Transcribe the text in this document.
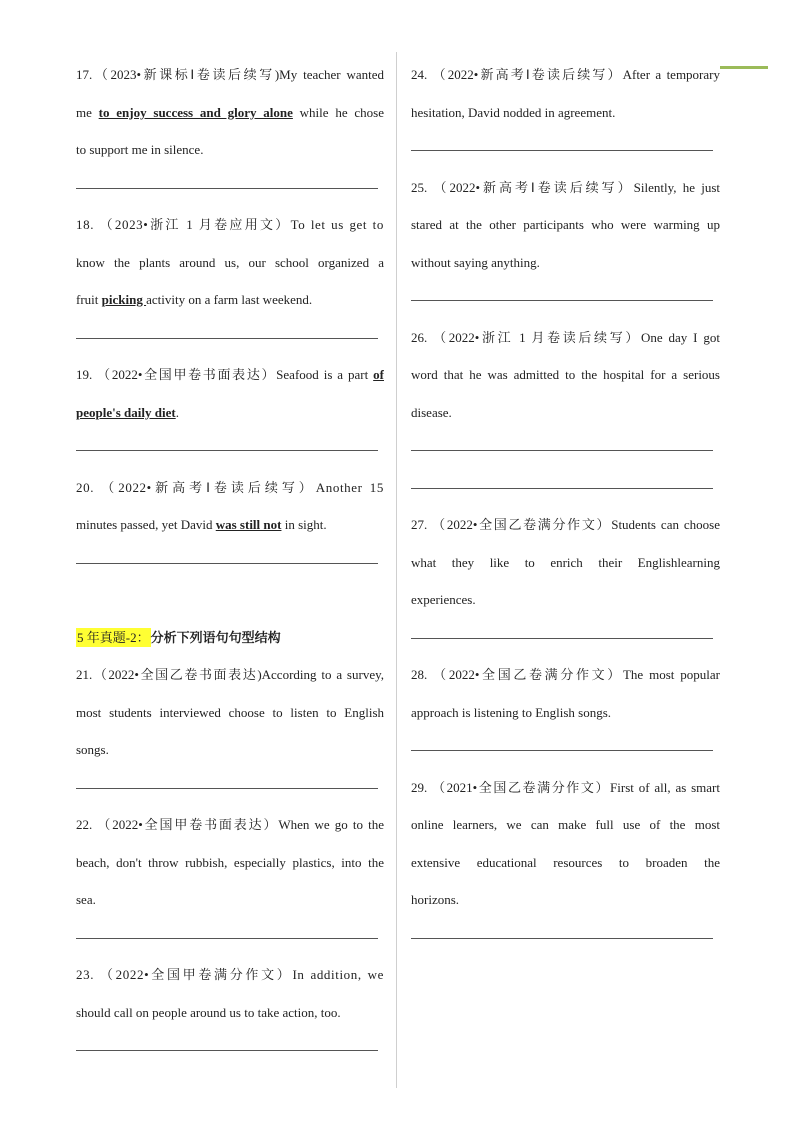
17.（2023•新课标Ⅰ卷读后续写)My teacher wanted
me to enjoy success and glory alone while he chose
to support me in silence.
18. （2023•浙江 1 月卷应用文）To let us get to
know the plants around us, our school organized a
fruit picking activity on a farm last weekend.
19. （2022•全国甲卷书面表达）Seafood is a part of
people's daily diet.
20. （2022•新高考Ⅰ卷读后续写）Another 15
minutes passed, yet David was still not in sight.
5 年真题-2：分析下列语句句型结构
21.（2022•全国乙卷书面表达)According to a survey,
most students interviewed choose to listen to English
songs.
22. （2022•全国甲卷书面表达）When we go to the
beach, don't throw rubbish, especially plastics, into the
sea.
23. （2022•全国甲卷满分作文）In addition, we
should call on people around us to take action, too.
24. （2022•新高考Ⅰ卷读后续写）After a temporary
hesitation, David nodded in agreement.
25. （2022•新高考Ⅰ卷读后续写）Silently, he just
stared at the other participants who were warming up
without saying anything.
26. （2022•浙江 1 月卷读后续写）One day I got
word that he was admitted to the hospital for a serious
disease.
27. （2022•全国乙卷满分作文）Students can choose
what they like to enrich their Englishlearning
experiences.
28. （2022•全国乙卷满分作文）The most popular
approach is listening to English songs.
29. （2021•全国乙卷满分作文）First of all, as smart
online learners, we can make full use of the most
extensive educational resources to broaden the
horizons.
